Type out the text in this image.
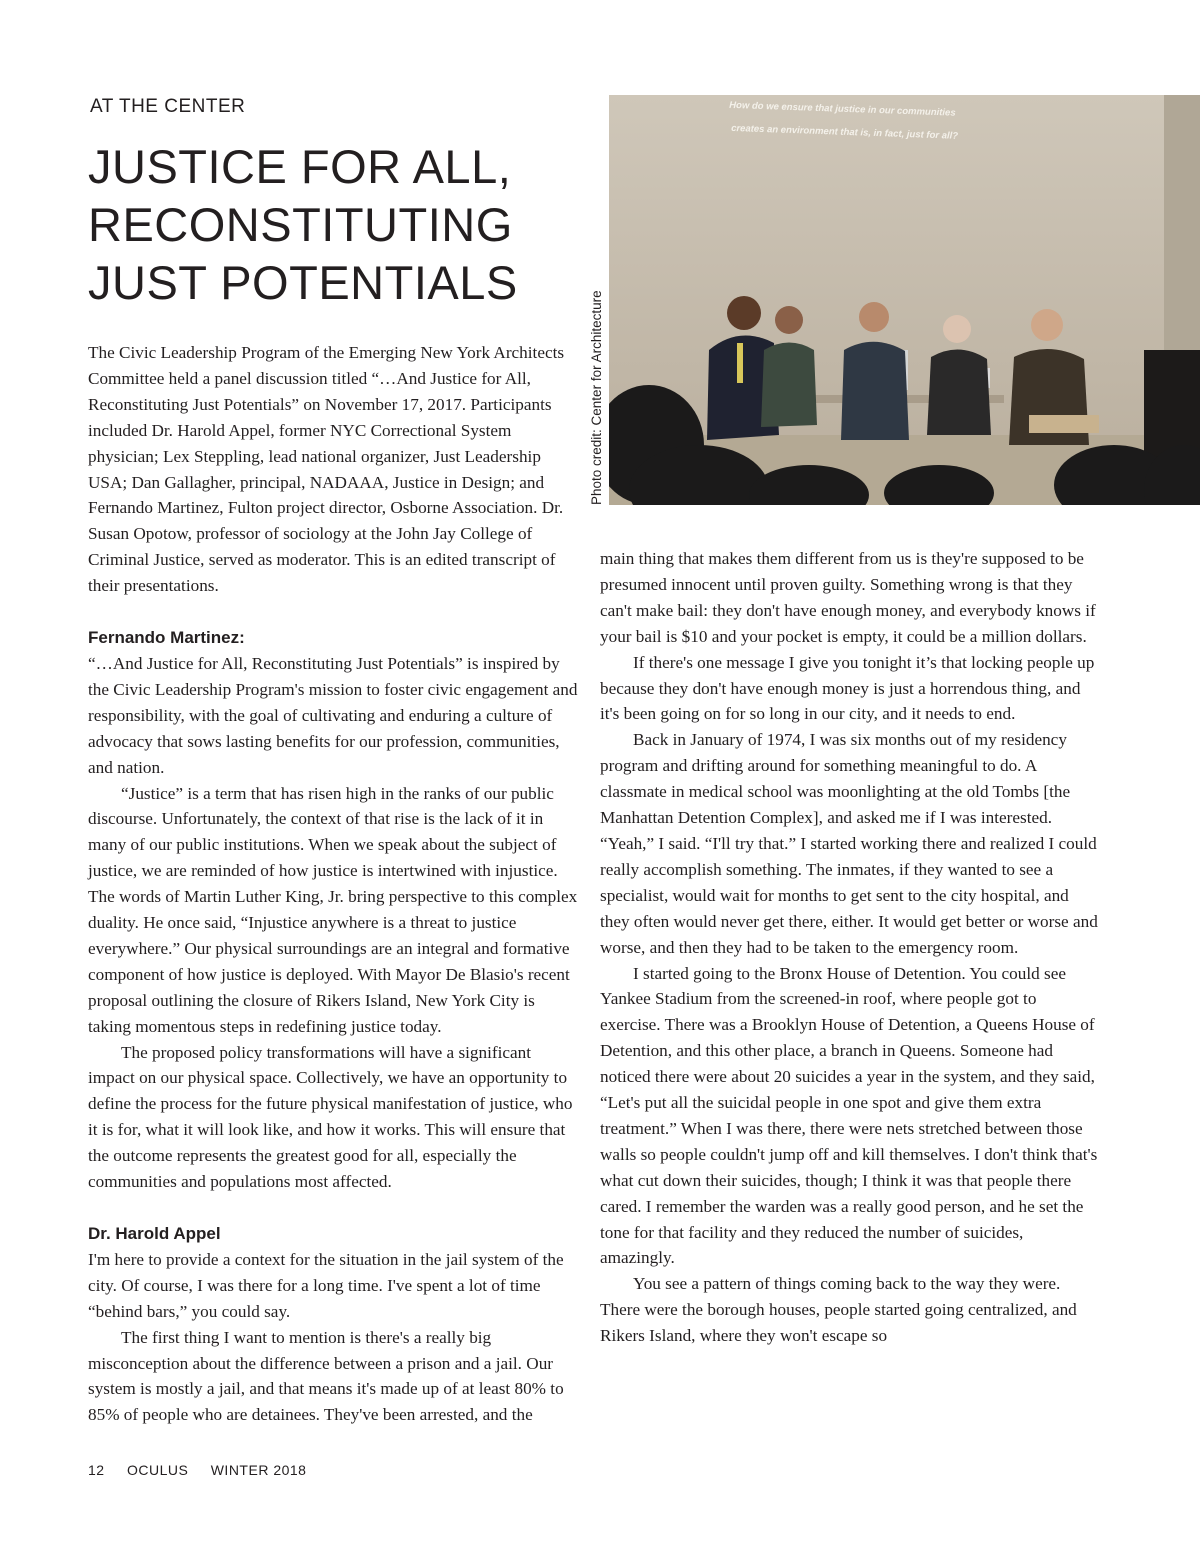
AT THE CENTER
JUSTICE FOR ALL,
RECONSTITUTING
JUST POTENTIALS
How do we ensure that justice in our communities
creates an environment that is, in fact, just for all?
Photo credit: Center for Architecture

The Civic Leadership Program of the Emerging New York Architects Committee held a panel discussion titled “…And Justice for All, Reconstituting Just Potentials” on November 17, 2017. Participants included Dr. Harold Appel, former NYC Correctional System physician; Lex Steppling, lead national organizer, Just Leadership USA; Dan Gallagher, principal, NADAAA, Justice in Design; and Fernando Martinez, Fulton project director, Osborne Association. Dr. Susan Opotow, professor of sociology at the John Jay College of Criminal Justice, served as moderator. This is an edited transcript of their presentations.

Fernando Martinez:

“…And Justice for All, Reconstituting Just Potentials” is inspired by the Civic Leadership Program's mission to foster civic engagement and responsibility, with the goal of cultivating and enduring a culture of advocacy that sows lasting benefits for our profession, communities, and nation.

“Justice” is a term that has risen high in the ranks of our public discourse. Unfortunately, the context of that rise is the lack of it in many of our public institutions. When we speak about the subject of justice, we are reminded of how justice is intertwined with injustice. The words of Martin Luther King, Jr. bring perspective to this complex duality. He once said, “Injustice anywhere is a threat to justice everywhere.” Our physical surroundings are an integral and formative component of how justice is deployed. With Mayor De Blasio's recent proposal outlining the closure of Rikers Island, New York City is taking momentous steps in redefining justice today.

The proposed policy transformations will have a significant impact on our physical space. Collectively, we have an opportunity to define the process for the future physical manifestation of justice, who it is for, what it will look like, and how it works. This will ensure that the outcome represents the greatest good for all, especially the communities and populations most affected.

Dr. Harold Appel

I'm here to provide a context for the situation in the jail system of the city. Of course, I was there for a long time. I've spent a lot of time “behind bars,” you could say.

The first thing I want to mention is there's a really big misconception about the difference between a prison and a jail. Our system is mostly a jail, and that means it's made up of at least 80% to 85% of people who are detainees. They've been arrested, and the

main thing that makes them different from us is they're supposed to be presumed innocent until proven guilty. Something wrong is that they can't make bail: they don't have enough money, and everybody knows if your bail is $10 and your pocket is empty, it could be a million dollars.

If there's one message I give you tonight it’s that locking people up because they don't have enough money is just a horrendous thing, and it's been going on for so long in our city, and it needs to end.

Back in January of 1974, I was six months out of my residency program and drifting around for something meaningful to do. A classmate in medical school was moonlighting at the old Tombs [the Manhattan Detention Complex], and asked me if I was interested. “Yeah,” I said. “I'll try that.” I started working there and realized I could really accomplish something. The inmates, if they wanted to see a specialist, would wait for months to get sent to the city hospital, and they often would never get there, either. It would get better or worse and worse, and then they had to be taken to the emergency room.

I started going to the Bronx House of Detention. You could see Yankee Stadium from the screened-in roof, where people got to exercise. There was a Brooklyn House of Detention, a Queens House of Detention, and this other place, a branch in Queens. Someone had noticed there were about 20 suicides a year in the system, and they said, “Let's put all the suicidal people in one spot and give them extra treatment.” When I was there, there were nets stretched between those walls so people couldn't jump off and kill themselves. I don't think that's what cut down their suicides, though; I think it was that people there cared. I remember the warden was a really good person, and he set the tone for that facility and they reduced the number of suicides, amazingly.

You see a pattern of things coming back to the way they were. There were the borough houses, people started going centralized, and Rikers Island, where they won't escape so

12 OCULUS WINTER 2018
